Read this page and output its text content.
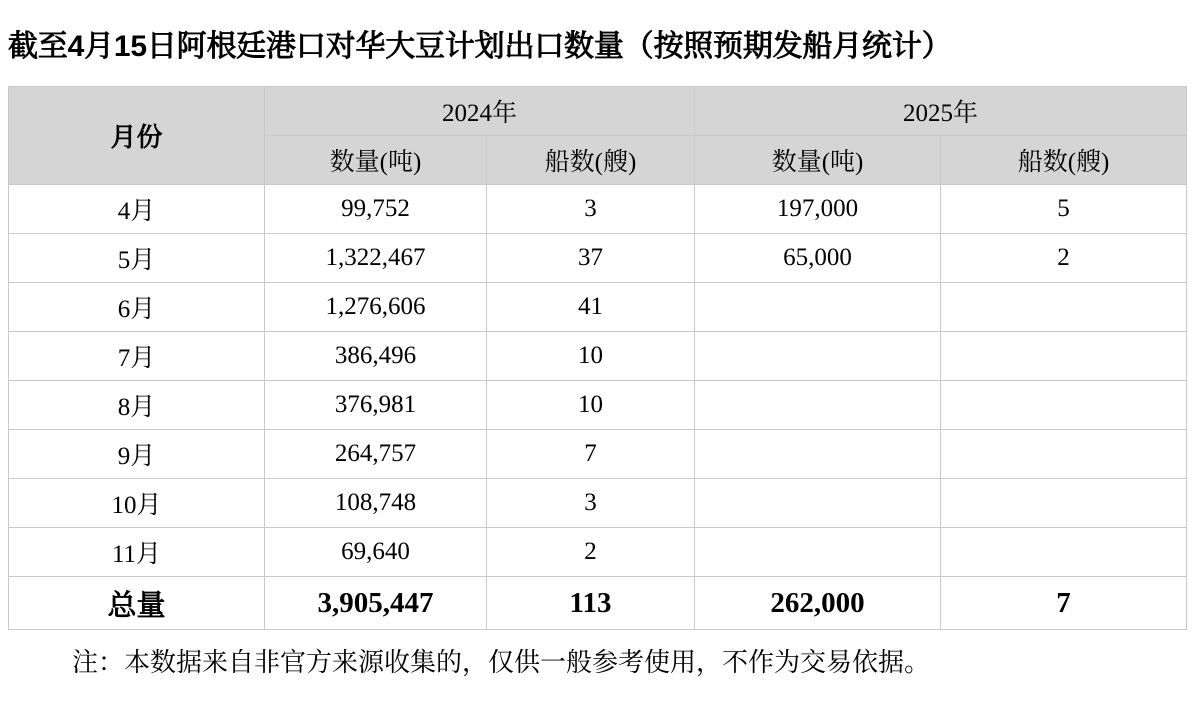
截至4月15日阿根廷港口对华大豆计划出口数量（按照预期发船月统计）
月份	2024年		2025年	
	数量(吨)	船数(艘)	数量(吨)	船数(艘)
4月	99,752	3	197,000	5
5月	1,322,467	37	65,000	2
6月	1,276,606	41		
7月	386,496	10		
8月	376,981	10		
9月	264,757	7		
10月	108,748	3		
11月	69,640	2		
总量	3,905,447	113	262,000	7
注：本数据来自非官方来源收集的，仅供一般参考使用，不作为交易依据。
